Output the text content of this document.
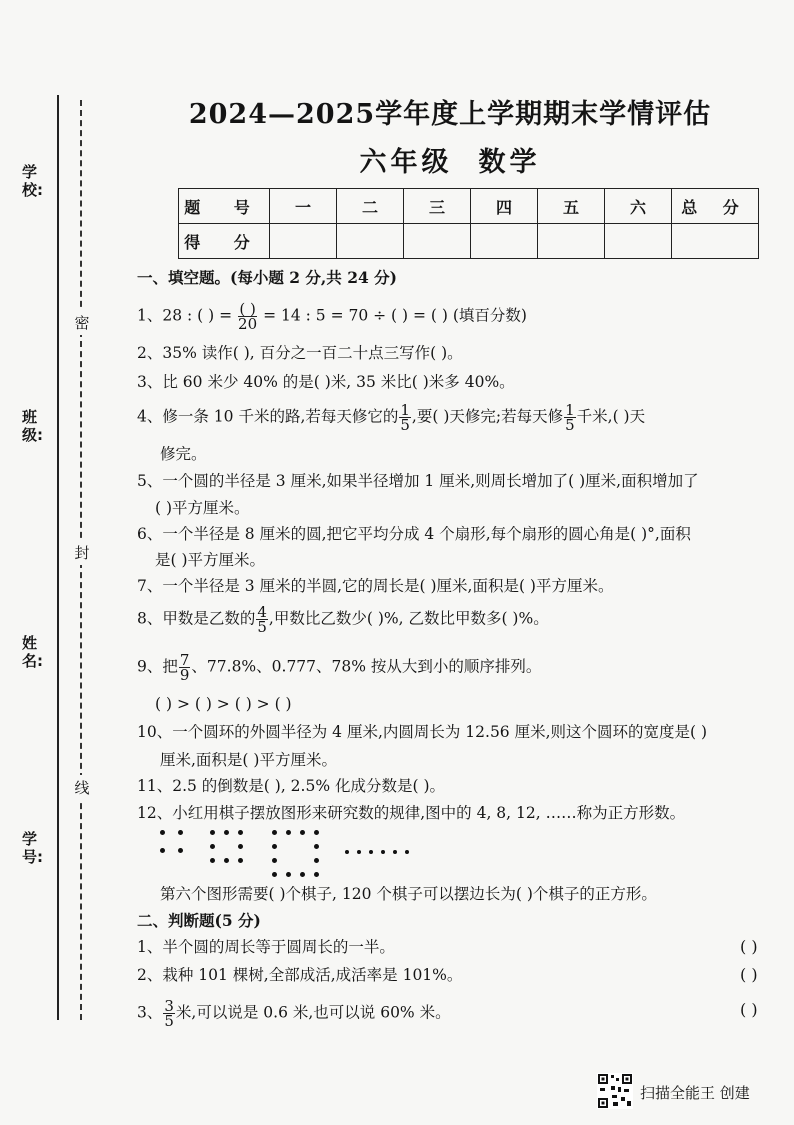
学校:
班级:
姓名:
学号:
密
封
线
2024—2025学年度上学期期末学情评估
六年级 数学
题 号	一	二	三	四	五	六	总 分
得 分							
一、填空题。(每小题 2 分,共 24 分)
1、28 : ( ) = $\frac{( )}{20} = 14$ : 5 = 70 ÷ ( ) = ( ) (填百分数)
2、35% 读作( ), 百分之一百二十点三写作( )。
3、比 60 米少 40% 的是( )米, 35 米比( )米多 40%。
4、修一条 10 千米的路,若每天修它的 $\frac{1}{5}$ ,要( )天修完;若每天修 $\frac{1}{5}$ 千米,( )天
修完。
5、一个圆的半径是 3 厘米,如果半径增加 1 厘米,则周长增加了( )厘米,面积增加了
( )平方厘米。
6、一个半径是 8 厘米的圆,把它平均分成 4 个扇形,每个扇形的圆心角是( )°,面积
是( )平方厘米。
7、一个半径是 3 厘米的半圆,它的周长是( )厘米,面积是( )平方厘米。
8、甲数是乙数的 $\frac{4}{5}$ ,甲数比乙数少( )%, 乙数比甲数多( )%。
9、把 $\frac{7}{9}$ 、77.8%、0.777、78% 按从大到小的顺序排列。
( ) > ( ) > ( ) > ( )
10、一个圆环的外圆半径为 4 厘米,内圆周长为 12.56 厘米,则这个圆环的宽度是( )
厘米,面积是( )平方厘米。
11、2.5 的倒数是( ), 2.5% 化成分数是( )。
12、小红用棋子摆放图形来研究数的规律,图中的 4, 8, 12, ……称为正方形数。
第六个图形需要( )个棋子, 120 个棋子可以摆边长为( )个棋子的正方形。
二、判断题(5 分)
1、半个圆的周长等于圆周长的一半。	( )
2、栽种 101 棵树,全部成活,成活率是 101%。	( )
3、 $\frac{3}{5}$ 米,可以说是 0.6 米,也可以说 60% 米。	( )
扫描全能王 创建
